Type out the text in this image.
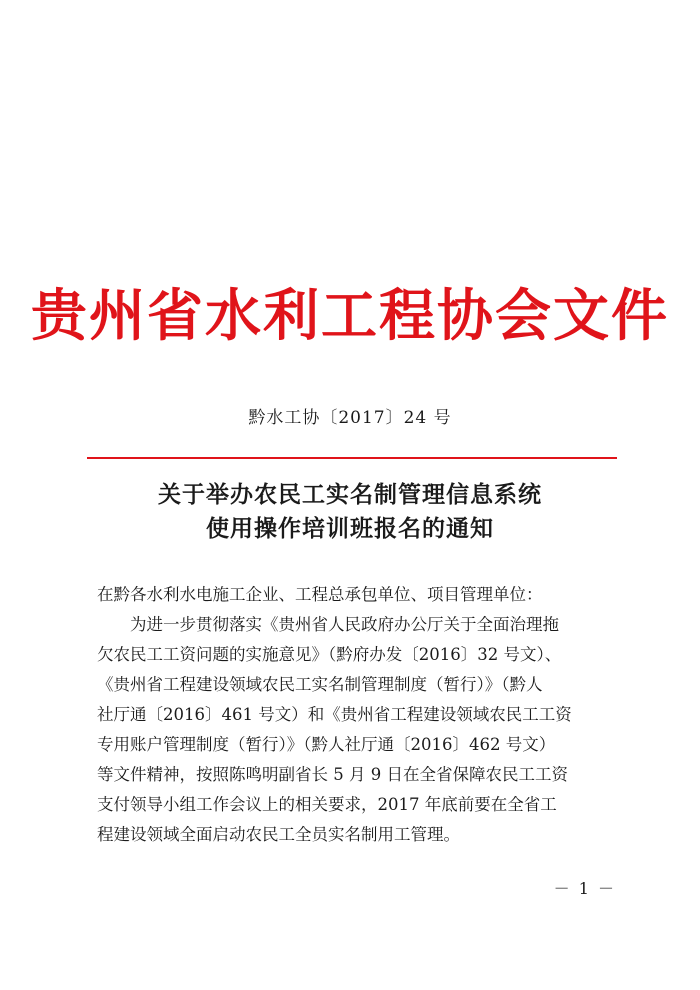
贵州省水利工程协会文件
黔水工协〔2017〕24 号
关于举办农民工实名制管理信息系统
使用操作培训班报名的通知
在黔各水利水电施工企业、工程总承包单位、项目管理单位：
为进一步贯彻落实《贵州省人民政府办公厅关于全面治理拖
欠农民工工资问题的实施意见》（黔府办发〔2016〕32 号文）、
《贵州省工程建设领域农民工实名制管理制度（暂行）》（黔人
社厅通〔2016〕461 号文）和《贵州省工程建设领域农民工工资
专用账户管理制度（暂行）》（黔人社厅通〔2016〕462 号文）
等文件精神，按照陈鸣明副省长 5 月 9 日在全省保障农民工工资
支付领导小组工作会议上的相关要求，2017 年底前要在全省工
程建设领域全面启动农民工全员实名制用工管理。
－ 1 －
